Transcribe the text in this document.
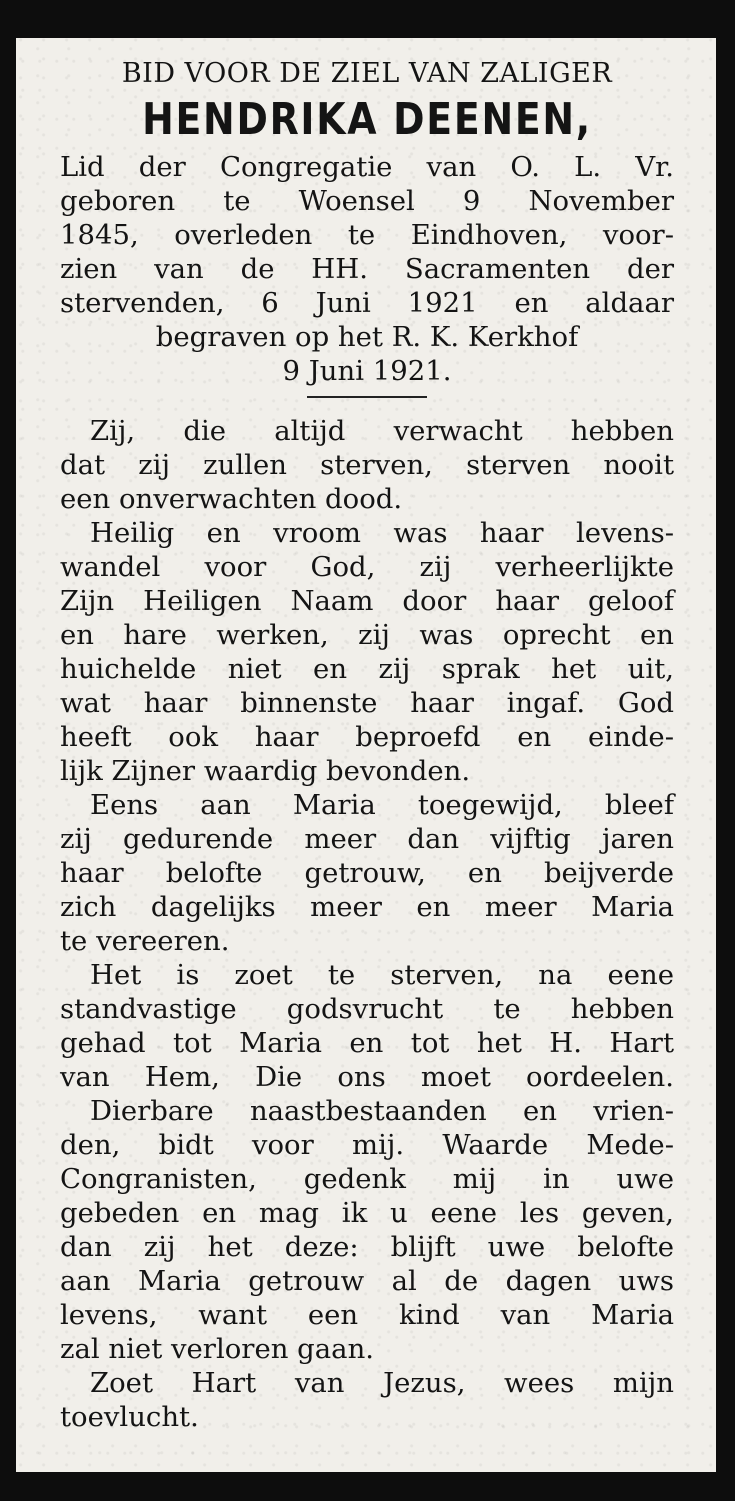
BID VOOR DE ZIEL VAN ZALIGER
HENDRIKA DEENEN,
Lid der Congregatie van O. L. Vr.
geboren te Woensel 9 November
1845, overleden te Eindhoven, voor-
zien van de HH. Sacramenten der
stervenden, 6 Juni 1921 en aldaar
begraven op het R. K. Kerkhof
9 Juni 1921.
Zij, die altijd verwacht hebben
dat zij zullen sterven, sterven nooit
een onverwachten dood.
Heilig en vroom was haar levens-
wandel voor God, zij verheerlijkte
Zijn Heiligen Naam door haar geloof
en hare werken, zij was oprecht en
huichelde niet en zij sprak het uit,
wat haar binnenste haar ingaf. God
heeft ook haar beproefd en einde-
lijk Zijner waardig bevonden.
Eens aan Maria toegewijd, bleef
zij gedurende meer dan vijftig jaren
haar belofte getrouw, en beijverde
zich dagelijks meer en meer Maria
te vereeren.
Het is zoet te sterven, na eene
standvastige godsvrucht te hebben
gehad tot Maria en tot het H. Hart
van Hem, Die ons moet oordeelen.
Dierbare naastbestaanden en vrien-
den, bidt voor mij. Waarde Mede-
Congranisten, gedenk mij in uwe
gebeden en mag ik u eene les geven,
dan zij het deze: blijft uwe belofte
aan Maria getrouw al de dagen uws
levens, want een kind van Maria
zal niet verloren gaan.
Zoet Hart van Jezus, wees mijn
toevlucht.
